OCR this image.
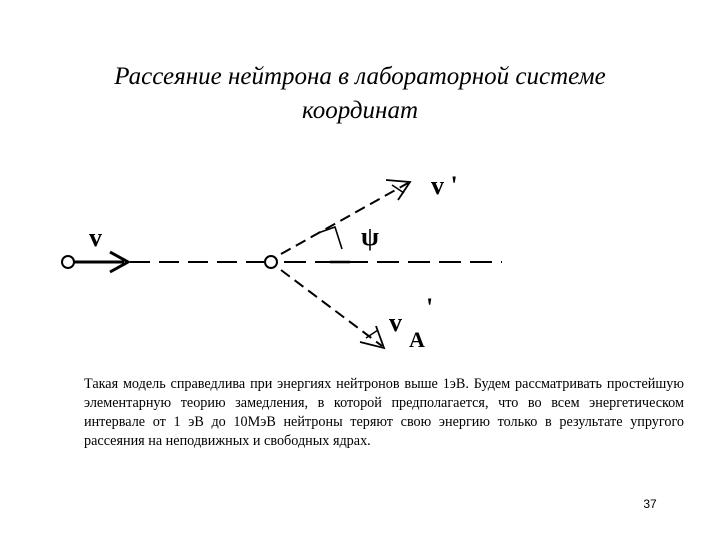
Рассеяние нейтрона в лабораторной системе
координат
v
v '
v
A
'
ψ
Такая модель справедлива при энергиях нейтронов выше 1эВ. Будем рассматривать простейшую элементарную теорию замедления, в которой предполагается, что во всем энергетическом интервале от 1 эВ до 10МэВ нейтроны теряют свою энергию только в результате упругого рассеяния на неподвижных и свободных ядрах.
37
